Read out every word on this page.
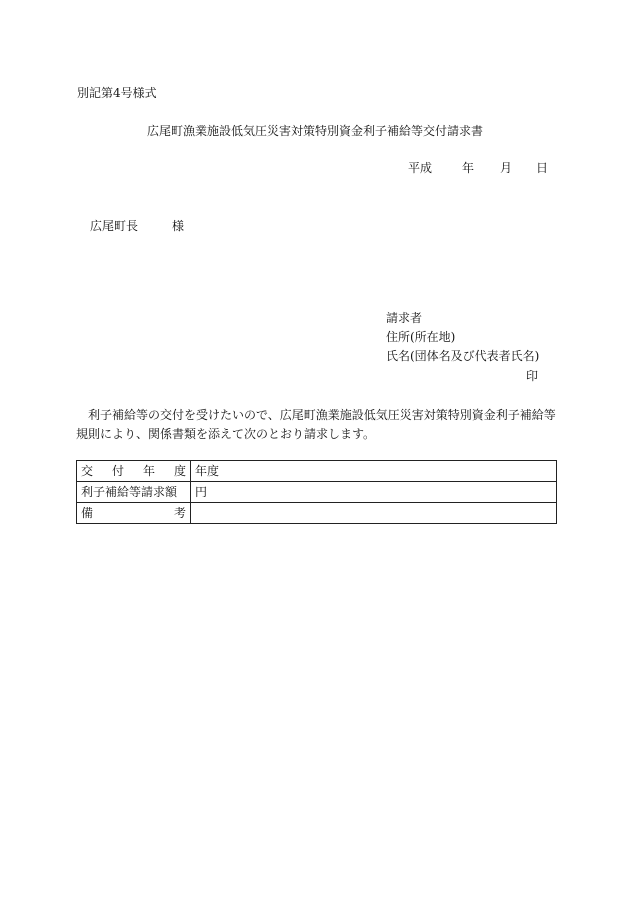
別記第4号様式
広尾町漁業施設低気圧災害対策特別資金利子補給等交付請求書
平成	年 月 日
広尾町長	様
請求者
住所(所在地)
氏名(団体名及び代表者氏名)
印
利子補給等の交付を受けたいので、広尾町漁業施設低気圧災害対策特別資金利子補給等規則により、関係書類を添えて次のとおり請求します。
交 付 年 度	年度
利子補給等請求額	円

備 考	
